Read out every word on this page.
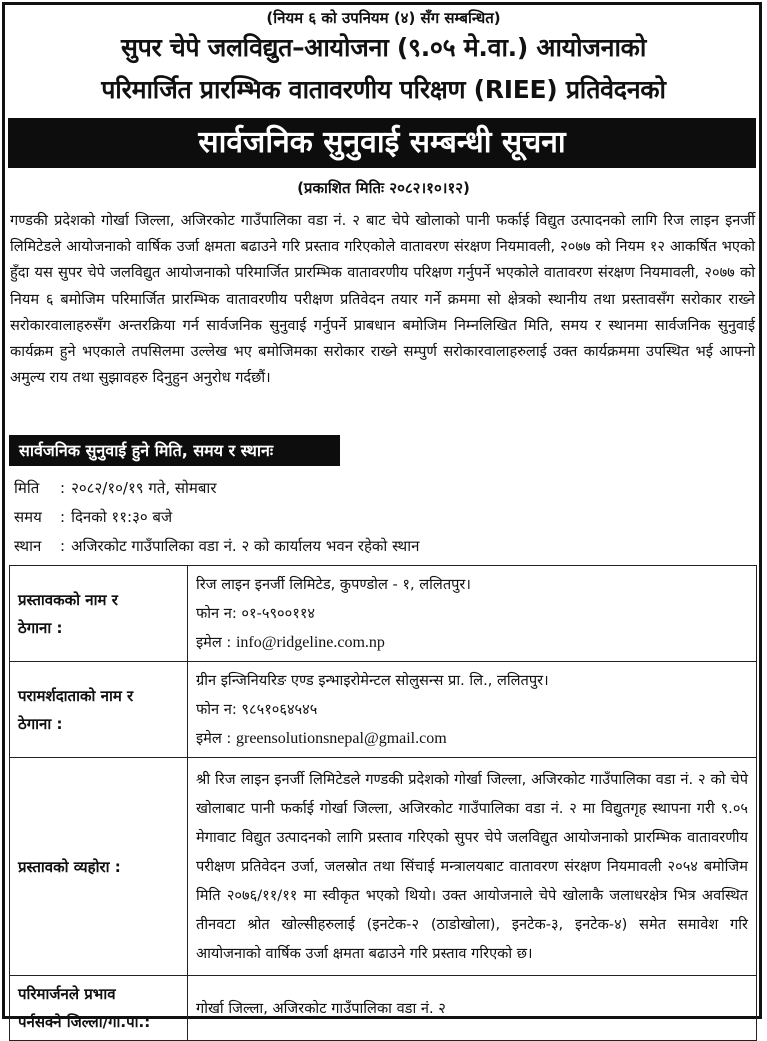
(नियम ६ को उपनियम (४) सँग सम्बन्धित)
सुपर चेपे जलविद्युत–आयोजना (९.०५ मे.वा.) आयोजनाको
परिमार्जित प्रारम्भिक वातावरणीय परिक्षण (RIEE) प्रतिवेदनको
सार्वजनिक सुनुवाई सम्बन्धी सूचना
(प्रकाशित मितिः २०८२।१०।१२)
गण्डकी प्रदेशको गोर्खा जिल्ला, अजिरकोट गाउँपालिका वडा नं. २ बाट चेपे खोलाको पानी फर्काई विद्युत उत्पादनको लागि रिज लाइन इनर्जी लिमिटेडले आयोजनाको वार्षिक उर्जा क्षमता बढाउने गरि प्रस्ताव गरिएकोले वातावरण संरक्षण नियमावली, २०७७ को नियम १२ आकर्षित भएको हुँदा यस सुपर चेपे जलविद्युत आयोजनाको परिमार्जित प्रारम्भिक वातावरणीय परिक्षण गर्नुपर्ने भएकोले वातावरण संरक्षण नियमावली, २०७७ को नियम ६ बमोजिम परिमार्जित प्रारम्भिक वातावरणीय परीक्षण प्रतिवेदन तयार गर्ने क्रममा सो क्षेत्रको स्थानीय तथा प्रस्तावसँग सरोकार राख्ने सरोकारवालाहरुसँग अन्तरक्रिया गर्न सार्वजनिक सुनुवाई गर्नुपर्ने प्राबधान बमोजिम निम्नलिखित मिति, समय र स्थानमा सार्वजनिक सुनुवाई कार्यक्रम हुने भएकाले तपसिलमा उल्लेख भए बमोजिमका सरोकार राख्ने सम्पुर्ण सरोकारवालाहरुलाई उक्त कार्यक्रममा उपस्थित भई आफ्नो अमुल्य राय तथा सुझावहरु दिनुहुन अनुरोध गर्दछौं।
सार्वजनिक सुनुवाई हुने मिति, समय र स्थानः
मिति : २०८२/१०/१९ गते, सोमबार
समय : दिनको ११:३० बजे
स्थान : अजिरकोट गाउँपालिका वडा नं. २ को कार्यालय भवन रहेको स्थान
प्रस्तावकको नाम र
ठेगाना :	रिज लाइन इनर्जी लिमिटेड, कुपण्डोल - १, ललितपुर।
फोन न: ०१-५९००११४
इमेल : info@ridgeline.com.np

परामर्शदाताको नाम र
ठेगाना :	ग्रीन इन्जिनियरिङ एण्ड इन्भाइरोमेन्टल सोलुसन्स प्रा. लि., ललितपुर।
फोन न: ९८५१०६४५४५
इमेल : greensolutionsnepal@gmail.com

प्रस्तावको व्यहोरा :	श्री रिज लाइन इनर्जी लिमिटेडले गण्डकी प्रदेशको गोर्खा जिल्ला, अजिरकोट गाउँपालिका वडा नं. २ को चेपे खोलाबाट पानी फर्काई गोर्खा जिल्ला, अजिरकोट गाउँपालिका वडा नं. २ मा विद्युतगृह स्थापना गरी ९.०५ मेगावाट विद्युत उत्पादनको लागि प्रस्ताव गरिएको सुपर चेपे जलविद्युत आयोजनाको प्रारम्भिक वातावरणीय परीक्षण प्रतिवेदन उर्जा, जलस्रोत तथा सिंचाई मन्त्रालयबाट वातावरण संरक्षण नियमावली २०५४ बमोजिम मिति २०७६/११/११ मा स्वीकृत भएको थियो। उक्त आयोजनाले चेपे खोलाकै जलाधरक्षेत्र भित्र अवस्थित तीनवटा श्रोत खोल्सीहरुलाई (इनटेक-२ (ठाडोखोला), इनटेक-३, इनटेक-४) समेत समावेश गरि आयोजनाको वार्षिक उर्जा क्षमता बढाउने गरि प्रस्ताव गरिएको छ।

परिमार्जनले प्रभाव
पर्नसक्ने जिल्ला/गा.पा.:	गोर्खा जिल्ला, अजिरकोट गाउँपालिका वडा नं. २
